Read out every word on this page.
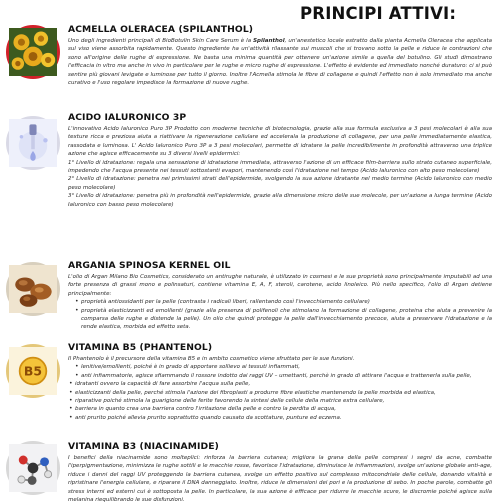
PRINCIPI ATTIVI:
ACMELLA OLERACEA (SPILANTHOL)

Uno degli ingredienti principali di BioBotulin Skin Care Serum è la Spilanthol, un'anestetico locale estratto dalla pianta Acmella Oleracea che applicata sul viso viene assorbita rapidamente. Questo ingrediente ha un'attività rilassante sui muscoli che si trovano sotto la pelle e riduce le contrazioni che sono all'origine delle rughe di espressione. Ne basta una minima quantità per ottenere un'azione simile a quella del botulino. Gli studi dimostrano l'efficacia in vitro ma anche in vivo in particolare per le rughe e micro rughe di espressione. L'effetto è evidente ed immediato nonché duraturo: ci si può sentire più giovani levigate e luminose per tutto il giorno. Inoltre l'Acmella stimola le fibre di collagene e quindi l'effetto non è solo immediato ma anche curativo e l'uso regolare impedisce la formazione di nuove rughe.

ACIDO IALURONICO 3P

L'innovativo Acido Ialuronico Puro 3P Prodotto con moderne tecniche di biotecnologia, grazie alla sua formula esclusiva a 3 pesi molecolari è alla sua texture ricca e preziosa aiuta a riattivare la rigenerazione cellulare ed accelerala la produzione di collagene, per una pelle immediatamente elastica, rassodata e luminosa. L' Acido Ialuronico Puro 3P a 3 pesi molecolari, permette di idratare la pelle incredibilmente in profondità attraverso una triplice azione che agisce efficacemente su 3 diversi livelli epidermici:

1° Livello di idratazione: regala una sensazione di idratazione immediata, attraverso l'azione di un efficace film-barriera sullo strato cutaneo superficiale, impedendo che l'acqua presente nei tessuti sottostanti evapori, mantenendo così l'idratazione nel tempo (Acido Ialuronico con alto peso molecolare)

2° Livello di idratazione: penetra nei primissimi strati dell'epidermide, svolgendo la sua azione idratante nel medio termine (Acido Ialuronico con medio peso molecolare)

3° Livello di idratazione: penetra più in profondità nell'epidermide, grazie alla dimensione micro delle sue molecole, per un'azione a lunga termine (Acido Ialuronico con basso peso molecolare)

ARGANIA SPINOSA KERNEL OIL

L'olio di Argan Milano Bio Cosmetics, considerato un antirughe naturale, è utilizzato in cosmesi e le sue proprietà sono principalmente imputabili ad una forte presenza di grassi mono e polinsaturi, contiene vitamina E, A, F, steroli, carotene, acido linoleico. Più nello specifico, l'olio di Argan detiene principalmente:

• proprietà antiossidanti per la pelle (contrasta i radicali liberi, rallentando così l'invecchiamento cellulare)
• proprietà elasticizzanti ed emollienti (grazie alla presenza di polifenoli che stimolano la formazione di collagene, proteina che aiuta a prevenire la comparsa delle rughe e distende la pelle). Un olio che quindi protegge la pelle dall'invecchiamento precoce, aiuta a preservare l'idratazione e la rende elastica, morbida ed effetto seta.
B5
VITAMINA B5 (PHANTENOL)

Il Phantenolo è il precursore della vitamina B5 e in ambito cosmetico viene sfruttato per le sue funzioni.

• lenitive/emollienti, poiché è in grado di apportare sollievo ai tessuti infiammati,
• anti infiammatorie, agisce sfiammando il rossore indotto dai raggi UV – umettanti, perchè in grado di attirare l'acqua e trattenerla sulla pelle,
• idratanti ovvero la capacità di fare assorbire l'acqua sulla pelle,
• elasticizzanti della pelle, perché stimola l'azione dei fibroplasti a produrre fibre elastiche mantenendo la pelle morbida ed elastica,
• riparative poiché stimola la guarigione delle ferite favorendo la sintesi delle cellule della matrice extra cellulare,
• barriera in quanto crea una barriera contro l'irritazione della pelle e contro la perdita di acqua,
• anti prurito poiché allevia prurito soprattutto quando causato da scottature, punture ed eczema.
VITAMINA B3 (NIACINAMIDE)

I benefici della niacinamide sono molteplici: rinforza la barriera cutanea; migliora la grana della pelle compresi i segni da acne, combatte l'iperpigmentazione, minimizza le rughe sottili e le macchie rosse, favorisce l'idratazione, diminuisce le infiammazioni, svolge un'azione globale anti-age, riduce i danni del raggi UV proteggendo la barriera cutanea, svolge un effetto positivo sul complesso mitocondriale delle cellule, donando vitalità e ripristinare l'energia cellulare, e riparare il DNA danneggiato. Inoltre, riduce le dimensioni dei pori e la produzione di sebo. In poche parole, combatte gli stress interni ed esterni cui è sottoposta la pelle. In particolare, la sua azione è efficace per ridurre le macchie scure, le discromie poiché agisce sulla melanina riequilibrando le sue disfunzioni.
